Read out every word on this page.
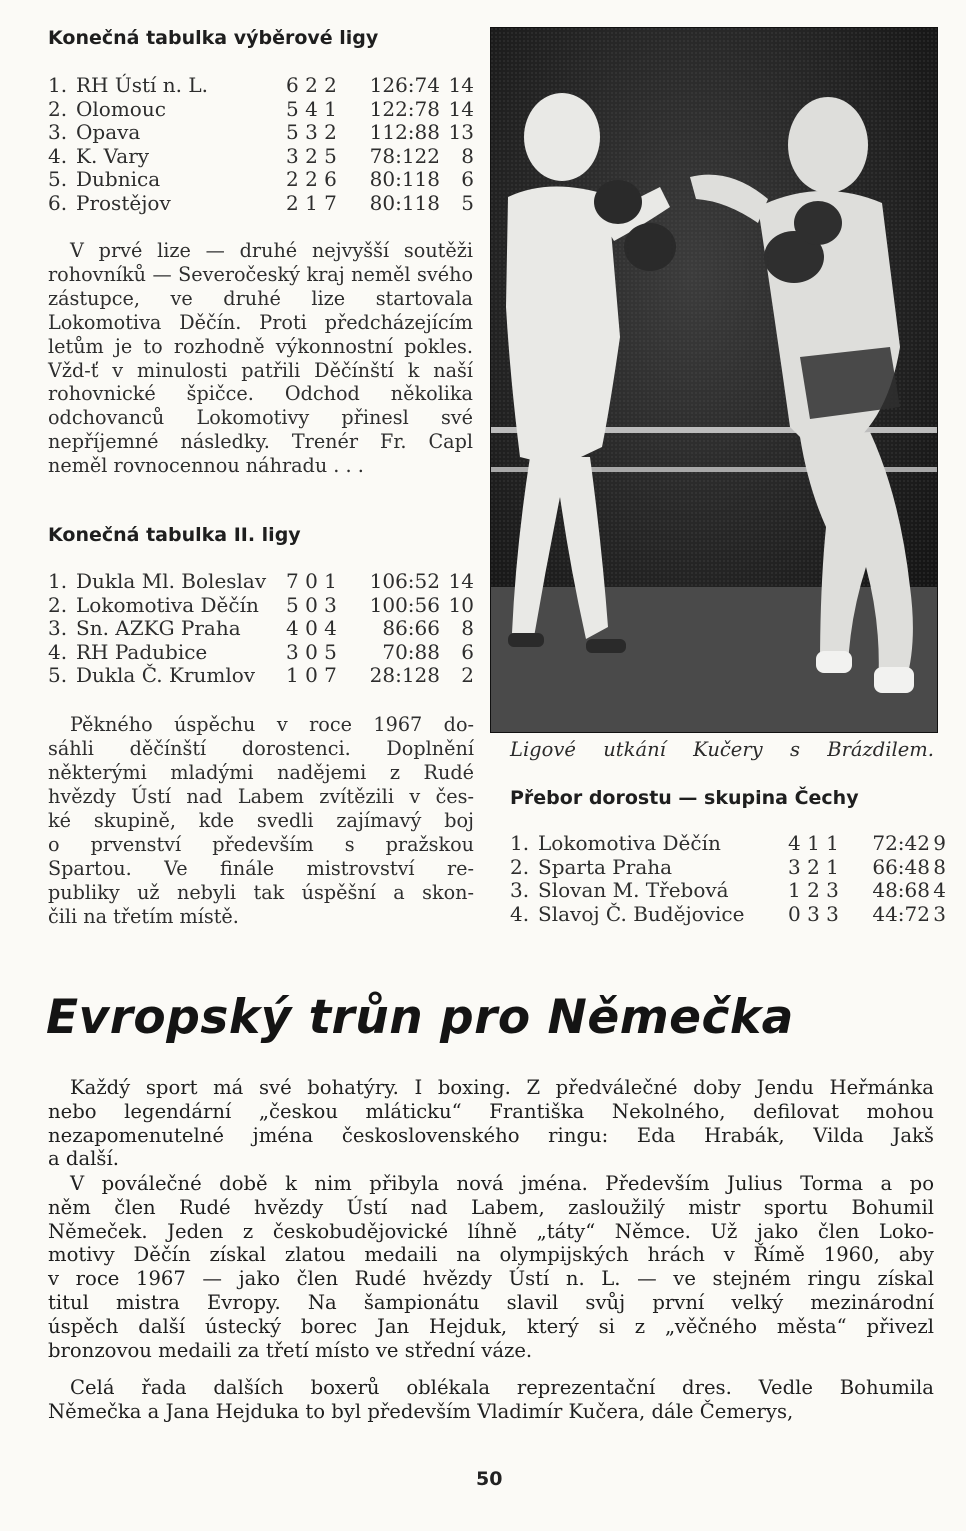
Konečná tabulka výběrové ligy
1.	RH Ústí n. L.	6 2 2	126:74	14
2.	Olomouc	5 4 1	122:78	14
3.	Opava	5 3 2	112:88	13
4.	K. Vary	3 2 5	78:122	8
5.	Dubnica	2 2 6	80:118	6
6.	Prostějov	2 1 7	80:118	5

V prvé lize — druhé nejvyšší soutěži rohovníků — Severočeský kraj neměl svého zástupce, ve druhé lize startovala Lokomotiva Děčín. Proti předcházejícím letům je to rozhodně výkonnostní pokles. Vžd-ť v minulosti patřili Děčínští k naší rohovnické špičce. Odchod několika odchovanců Lokomotivy přinesl své nepříjemné následky. Trenér Fr. Capl neměl rovnocennou náhradu . . .

Konečná tabulka II. ligy
1.	Dukla Ml. Boleslav	7 0 1	106:52	14
2.	Lokomotiva Děčín	5 0 3	100:56	10
3.	Sn. AZKG Praha	4 0 4	86:66	8
4.	RH Padubice	3 0 5	70:88	6
5.	Dukla Č. Krumlov	1 0 7	28:128	2
Pěkného úspěchu v roce 1967 do-
sáhli děčínští dorostenci. Doplnění
některými mladými nadějemi z Rudé
hvězdy Ústí nad Labem zvítězili v čes-
ké skupině, kde svedli zajímavý boj
o prvenství především s pražskou
Spartou. Ve finále mistrovství re-
publiky už nebyli tak úspěšní a skon-
čili na třetím místě.
Ligové utkání Kučery s Brázdilem.
Přebor dorostu — skupina Čechy
1.	Lokomotiva Děčín	4 1 1	72:42	9
2.	Sparta Praha	3 2 1	66:48	8
3.	Slovan M. Třebová	1 2 3	48:68	4
4.	Slavoj Č. Budějovice	0 3 3	44:72	3
Evropský trůn pro Němečka
Každý sport má své bohatýry. I boxing. Z předválečné doby Jendu Heřmánka
nebo legendární „českou mláticku“ Františka Nekolného, defilovat mohou
nezapomenutelné jména československého ringu: Eda Hrabák, Vilda Jakš
a další.
V poválečné době k nim přibyla nová jména. Především Julius Torma a po
něm člen Rudé hvězdy Ústí nad Labem, zasloužilý mistr sportu Bohumil
Němeček. Jeden z českobudějovické líhně „táty“ Němce. Už jako člen Loko-
motivy Děčín získal zlatou medaili na olympijských hrách v Římě 1960, aby
v roce 1967 — jako člen Rudé hvězdy Ústí n. L. — ve stejném ringu získal
titul mistra Evropy. Na šampionátu slavil svůj první velký mezinárodní
úspěch další ústecký borec Jan Hejduk, který si z „věčného města“ přivezl
bronzovou medaili za třetí místo ve střední váze.
Celá řada dalších boxerů oblékala reprezentační dres. Vedle Bohumila
Němečka a Jana Hejduka to byl především Vladimír Kučera, dále Čemerys,
50
